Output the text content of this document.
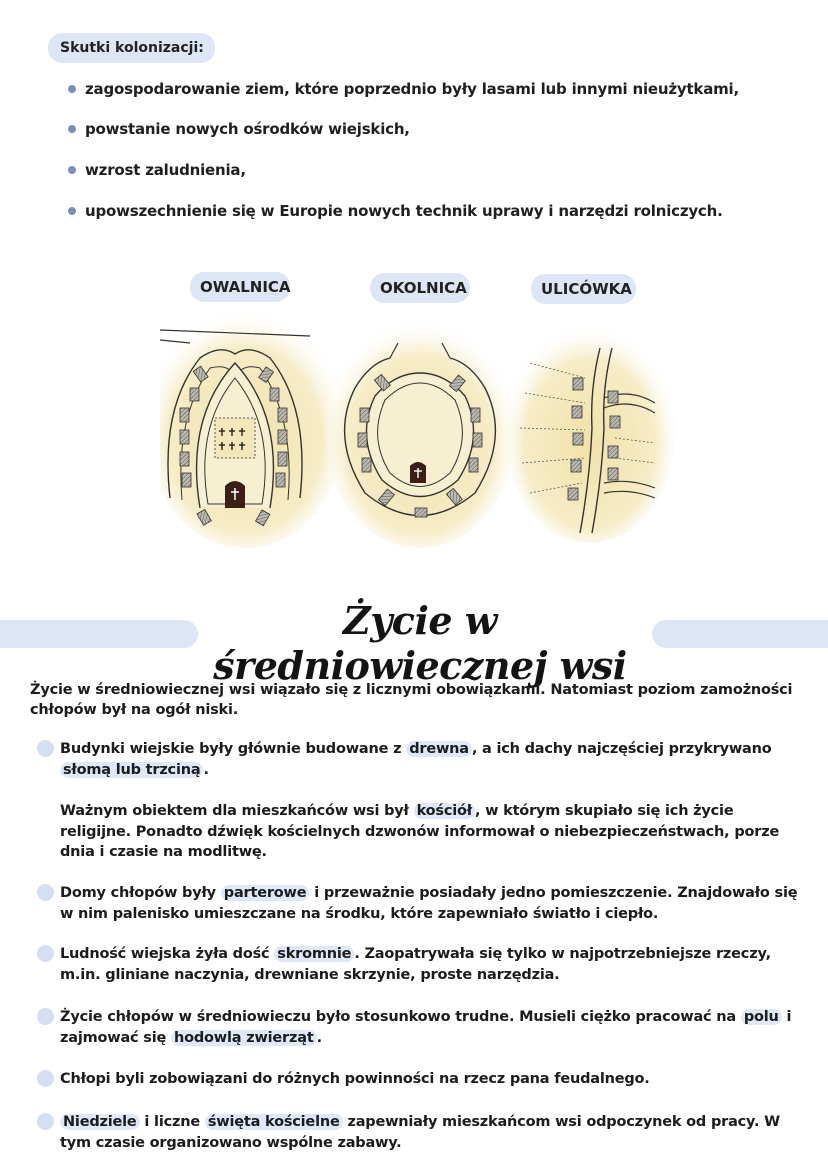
Skutki kolonizacji:
zagospodarowanie ziem, które poprzednio były lasami lub innymi nieużytkami,
powstanie nowych ośrodków wiejskich,
wzrost zaludnienia,
upowszechnienie się w Europie nowych technik uprawy i narzędzi rolniczych.
OWALNICA	OKOLNICA	ULICÓWKA
Życie w średniowiecznej wsi
Życie w średniowiecznej wsi wiązało się z licznymi obowiązkami. Natomiast poziom zamożności chłopów był na ogół niski.
Budynki wiejskie były głównie budowane z drewna , a ich dachy najczęściej przykrywano słomą lub trzciną .
Ważnym obiektem dla mieszkańców wsi był kościół , w którym skupiało się ich życie religijne. Ponadto dźwięk kościelnych dzwonów informował o niebezpieczeństwach, porze dnia i czasie na modlitwę.
Domy chłopów były parterowe i przeważnie posiadały jedno pomieszczenie. Znajdowało się w nim palenisko umieszczane na środku, które zapewniało światło i ciepło.
Ludność wiejska żyła dość skromnie . Zaopatrywała się tylko w najpotrzebniejsze rzeczy, m.in. gliniane naczynia, drewniane skrzynie, proste narzędzia.
Życie chłopów w średniowieczu było stosunkowo trudne. Musieli ciężko pracować na polu i zajmować się hodowlą zwierząt .
Chłopi byli zobowiązani do różnych powinności na rzecz pana feudalnego.
Niedziele i liczne święta kościelne zapewniały mieszkańcom wsi odpoczynek od pracy. W tym czasie organizowano wspólne zabawy.
